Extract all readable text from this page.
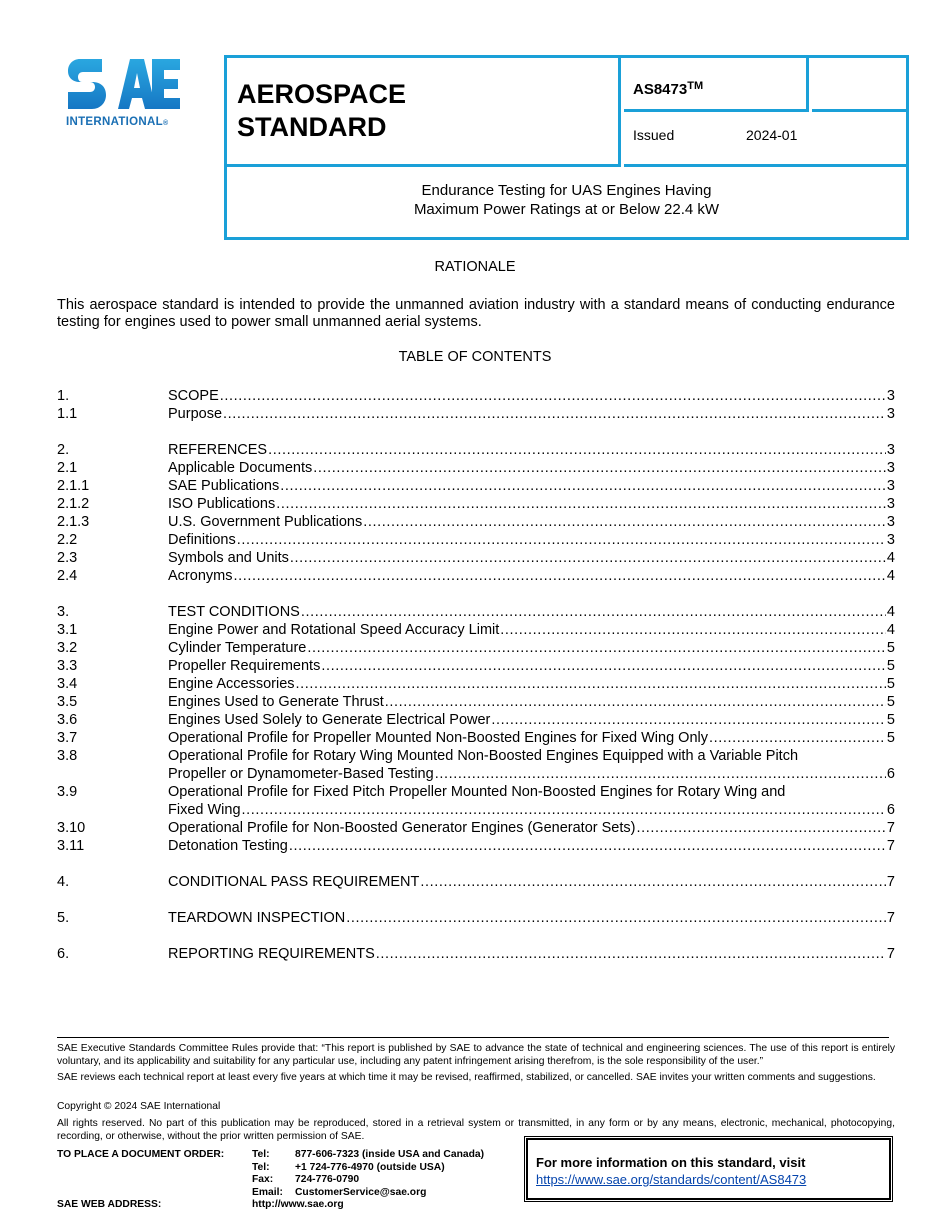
INTERNATIONAL®
AEROSPACE
STANDARD
AS8473™
Issued	2024-01
Endurance Testing for UAS Engines Having
Maximum Power Ratings at or Below 22.4 kW
RATIONALE
This aerospace standard is intended to provide the unmanned aviation industry with a standard means of conducting endurance testing for engines used to power small unmanned aerial systems.
TABLE OF CONTENTS
1.	SCOPE .....	3
1.1	Purpose .....	3
2.	REFERENCES .....	3
2.1	Applicable Documents .....	3
2.1.1	SAE Publications .....	3
2.1.2	ISO Publications .....	3
2.1.3	U.S. Government Publications .....	3
2.2	Definitions .....	3
2.3	Symbols and Units .....	4
2.4	Acronyms .....	4
3.	TEST CONDITIONS .....	4
3.1	Engine Power and Rotational Speed Accuracy Limit .....	4
3.2	Cylinder Temperature .....	5
3.3	Propeller Requirements .....	5
3.4	Engine Accessories .....	5
3.5	Engines Used to Generate Thrust .....	5
3.6	Engines Used Solely to Generate Electrical Power .....	5
3.7	Operational Profile for Propeller Mounted Non-Boosted Engines for Fixed Wing Only .....	5
3.8	Operational Profile for Rotary Wing Mounted Non-Boosted Engines Equipped with a Variable Pitch
Propeller or Dynamometer-Based Testing .....	6
3.9	Operational Profile for Fixed Pitch Propeller Mounted Non-Boosted Engines for Rotary Wing and
Fixed Wing .....	6
3.10	Operational Profile for Non-Boosted Generator Engines (Generator Sets) .....	7
3.11	Detonation Testing .....	7
4.	CONDITIONAL PASS REQUIREMENT .....	7
5.	TEARDOWN INSPECTION .....	7
6.	REPORTING REQUIREMENTS .....	7
SAE Executive Standards Committee Rules provide that: “This report is published by SAE to advance the state of technical and engineering sciences. The use of this report is entirely voluntary, and its applicability and suitability for any particular use, including any patent infringement arising therefrom, is the sole responsibility of the user.”
SAE reviews each technical report at least every five years at which time it may be revised, reaffirmed, stabilized, or cancelled. SAE invites your written comments and suggestions.
Copyright © 2024 SAE International
All rights reserved. No part of this publication may be reproduced, stored in a retrieval system or transmitted, in any form or by any means, electronic, mechanical, photocopying, recording, or otherwise, without the prior written permission of SAE.
TO PLACE A DOCUMENT ORDER:	Tel: 877-606-7323 (inside USA and Canada)
Tel: +1 724-776-4970 (outside USA)
Fax: 724-776-0790
Email: CustomerService@sae.org
SAE WEB ADDRESS:	http://www.sae.org
For more information on this standard, visit
https://www.sae.org/standards/content/AS8473
